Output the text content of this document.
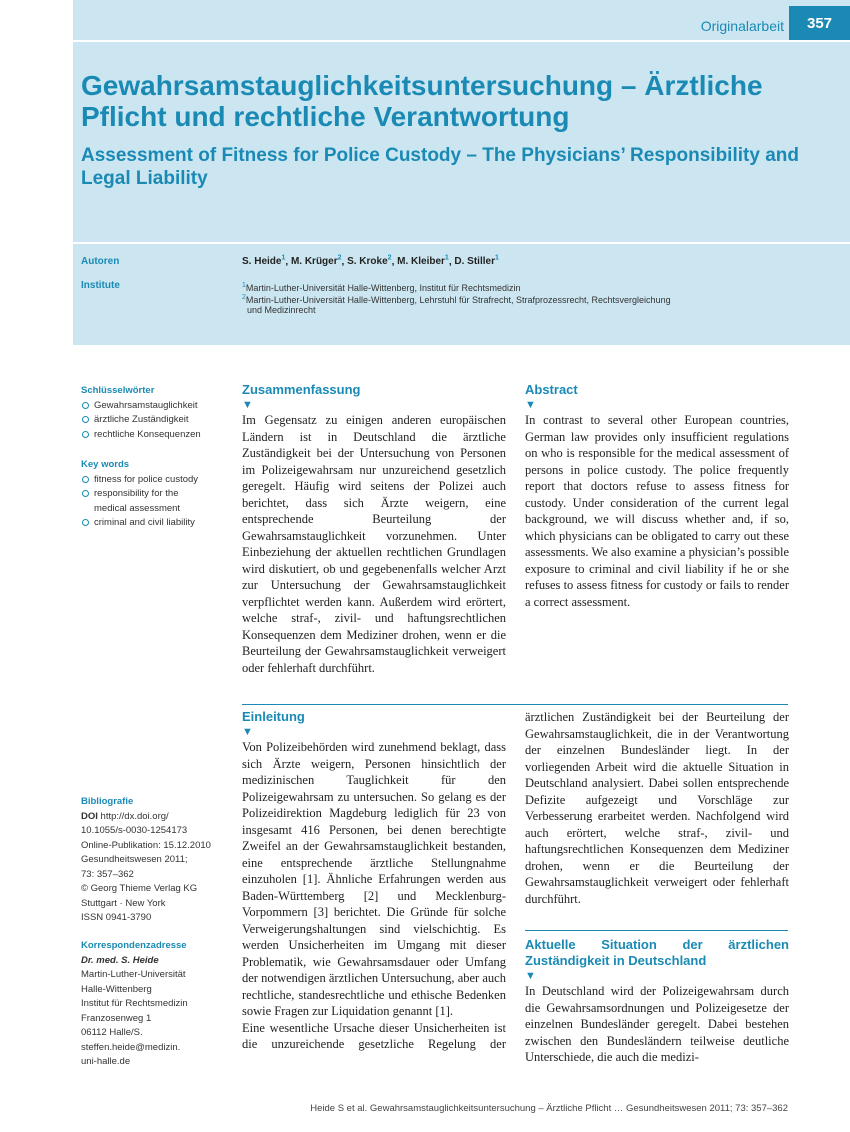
Originalarbeit	357
Gewahrsamstauglichkeitsuntersuchung – Ärztliche Pflicht und rechtliche Verantwortung
Assessment of Fitness for Police Custody – The Physicians’ Responsibility and Legal Liability
Autoren
Institute
S. Heide$^1$, M. Krüger$^2$, S. Kroke$^2$, M. Kleiber$^1$, D. Stiller$^1$
$^1$Martin-Luther-Universität Halle-Wittenberg, Institut für Rechtsmedizin
$^2$Martin-Luther-Universität Halle-Wittenberg, Lehrstuhl für Strafrecht, Strafprozessrecht, Rechtsvergleichung
und Medizinrecht
Schlüsselwörter
Gewahrsamstauglichkeit
ärztliche Zuständigkeit
rechtliche Konsequenzen
Key words
fitness for police custody
responsibility for the medical assessment
criminal and civil liability
Bibliografie
DOI http://dx.doi.org/
10.1055/s-0030-1254173
Online-Publikation: 15.12.2010
Gesundheitswesen 2011;
73: 357–362
© Georg Thieme Verlag KG
Stuttgart · New York
ISSN 0941-3790
Korrespondenzadresse
Dr. med. S. Heide
Martin-Luther-Universität
Halle-Wittenberg
Institut für Rechtsmedizin
Franzosenweg 1
06112 Halle/S.
steffen.heide@medizin.
uni-halle.de
Zusammenfassung
▼
Im Gegensatz zu einigen anderen europäischen Ländern ist in Deutschland die ärztliche Zuständigkeit bei der Untersuchung von Personen im Polizeigewahrsam nur unzureichend gesetzlich geregelt. Häufig wird seitens der Polizei auch berichtet, dass sich Ärzte weigern, eine entsprechende Beurteilung der Gewahrsamstauglichkeit vorzunehmen. Unter Einbeziehung der aktuellen rechtlichen Grundlagen wird diskutiert, ob und gegebenenfalls welcher Arzt zur Untersuchung der Gewahrsamstauglichkeit verpflichtet werden kann. Außerdem wird erörtert, welche straf-, zivil- und haftungsrechtlichen Konsequenzen dem Mediziner drohen, wenn er die Beurteilung der Gewahrsamstauglichkeit verweigert oder fehlerhaft durchführt.
Abstract
▼
In contrast to several other European countries, German law provides only insufficient regulations on who is responsible for the medical assessment of persons in police custody. The police frequently report that doctors refuse to assess fitness for custody. Under consideration of the current legal background, we will discuss whether and, if so, which physicians can be obligated to carry out these assessments. We also examine a physician’s possible exposure to criminal and civil liability if he or she refuses to assess fitness for custody or fails to render a correct assessment.
Einleitung
▼
Von Polizeibehörden wird zunehmend beklagt, dass sich Ärzte weigern, Personen hinsichtlich der medizinischen Tauglichkeit für den Polizeigewahrsam zu untersuchen. So gelang es der Polizeidirektion Magdeburg lediglich für 23 von insgesamt 416 Personen, bei denen berechtigte Zweifel an der Gewahrsamstauglichkeit bestanden, eine entsprechende ärztliche Stellungnahme einzuholen [1]. Ähnliche Erfahrungen werden aus Baden-Württemberg [2] und Mecklenburg-Vorpommern [3] berichtet. Die Gründe für solche Verweigerungshaltungen sind vielschichtig. Es werden Unsicherheiten im Umgang mit dieser Problematik, wie Gewahrsamsdauer oder Umfang der notwendigen ärztlichen Untersuchung, aber auch rechtliche, standesrechtliche und ethische Bedenken sowie Fragen zur Liquidation genannt [1].
Eine wesentliche Ursache dieser Unsicherheiten ist die unzureichende gesetzliche Regelung der
ärztlichen Zuständigkeit bei der Beurteilung der Gewahrsamstauglichkeit, die in der Verantwortung der einzelnen Bundesländer liegt. In der vorliegenden Arbeit wird die aktuelle Situation in Deutschland analysiert. Dabei sollen entsprechende Defizite aufgezeigt und Vorschläge zur Verbesserung erarbeitet werden. Nachfolgend wird auch erörtert, welche straf-, zivil- und haftungsrechtlichen Konsequenzen dem Mediziner drohen, wenn er die Beurteilung der Gewahrsamstauglichkeit verweigert oder fehlerhaft durchführt.
Aktuelle Situation der ärztlichen Zuständigkeit in Deutschland
▼
In Deutschland wird der Polizeigewahrsam durch die Gewahrsamsordnungen und Polizeigesetze der einzelnen Bundesländer geregelt. Dabei bestehen zwischen den Bundesländern teilweise deutliche Unterschiede, die auch die medizi-
Heide S et al. Gewahrsamstauglichkeitsuntersuchung – Ärztliche Pflicht … Gesundheitswesen 2011; 73: 357–362
